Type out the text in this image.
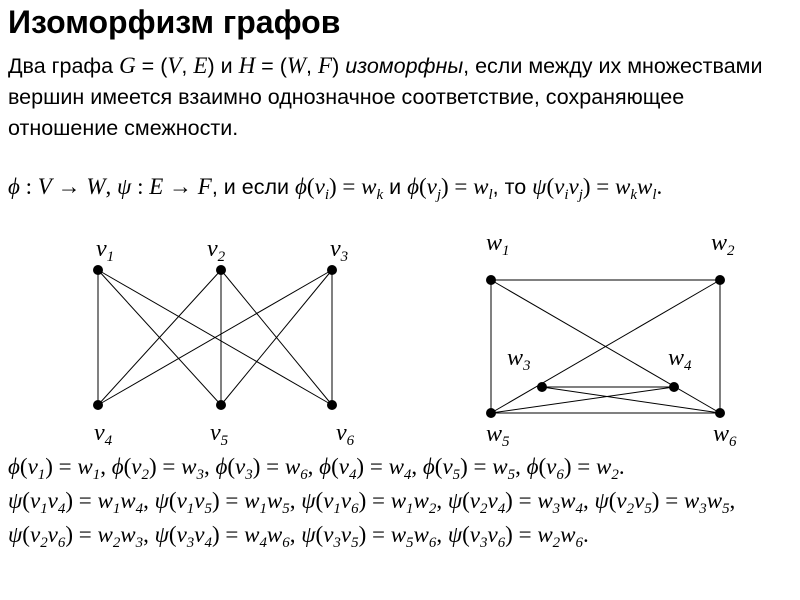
Изоморфизм графов

Два графа G = (V, E) и H = (W, F) изоморфны, если между их множествами вершин имеется взаимно однозначное соответствие, сохраняющее отношение смежности.

ϕ : V → W, ψ : E → F, и если $\phi(v_i) = w_k$ и $\phi(v_j) = w_l$, то $\psi(v_iv_j) = w_kw_l$.

v1	v2	v3
v4	v5	v6
w1	w2
w3	w4
w5	w6

$\phi(v_1) = w_1$, $\phi(v_2) = w_3$, $\phi(v_3) = w_6$, $\phi(v_4) = w_4$, $\phi(v_5) = w_5$, $\phi(v_6) = w_2$.

$\psi(v_1v_4) = w_1w_4$, $\psi(v_1v_5) = w_1w_5$, $\psi(v_1v_6) = w_1w_2$, $\psi(v_2v_4) = w_3w_4$, $\psi(v_2v_5) = w_3w_5$, $\psi(v_2v_6) = w_2w_3$, $\psi(v_3v_4) = w_4w_6$, $\psi(v_3v_5) = w_5w_6$, $\psi(v_3v_6) = w_2w_6$.
